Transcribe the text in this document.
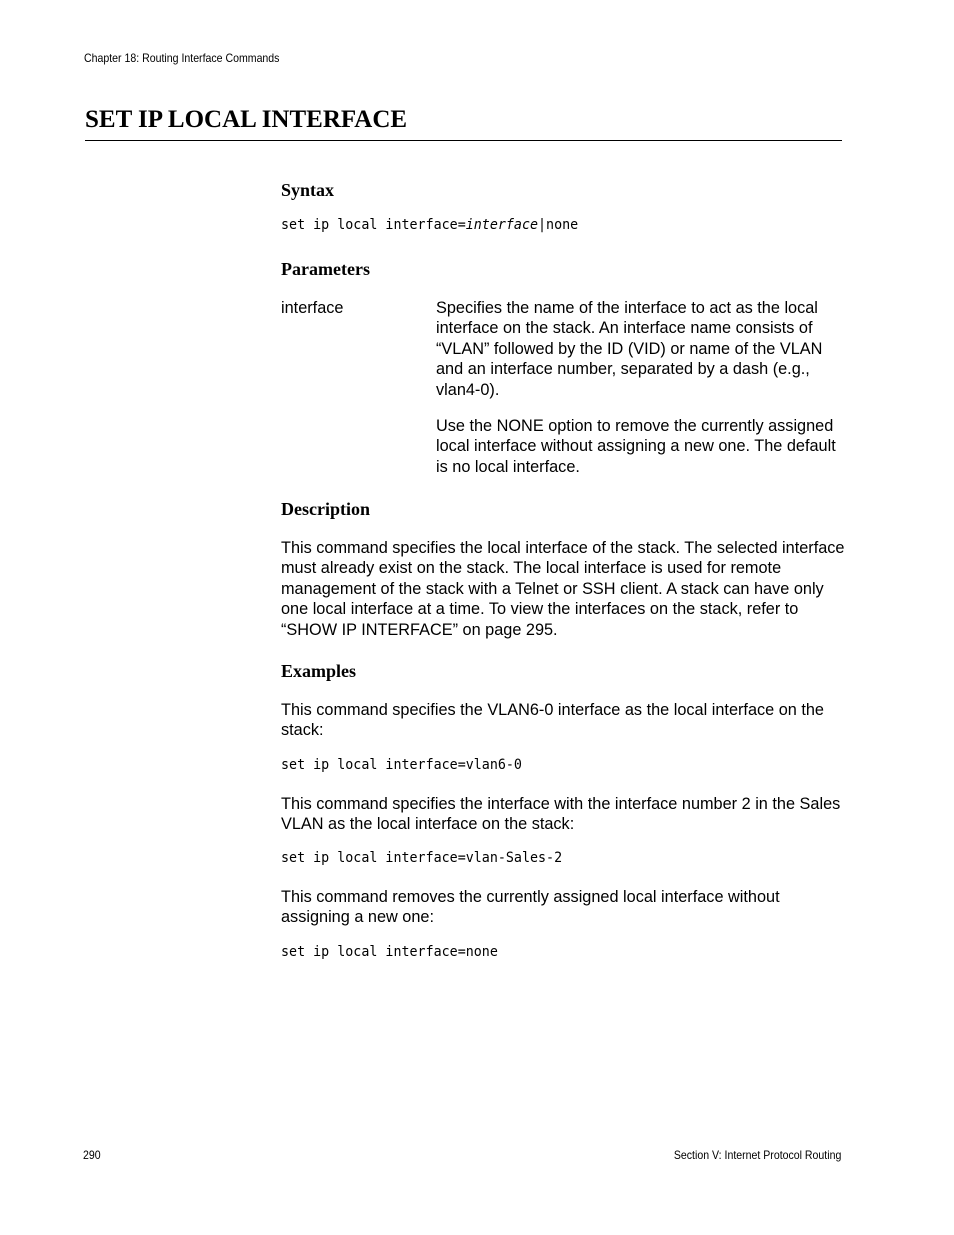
Chapter 18: Routing Interface Commands
SET IP LOCAL INTERFACE
Syntax
set ip local interface=interface|none
Parameters
interface	Specifies the name of the interface to act as the local interface on the stack. An interface name consists of “VLAN” followed by the ID (VID) or name of the VLAN and an interface number, separated by a dash (e.g., vlan4-0).
Use the NONE option to remove the currently assigned local interface without assigning a new one. The default is no local interface.
Description
This command specifies the local interface of the stack. The selected interface must already exist on the stack. The local interface is used for remote management of the stack with a Telnet or SSH client. A stack can have only one local interface at a time. To view the interfaces on the stack, refer to “SHOW IP INTERFACE” on page 295.
Examples
This command specifies the VLAN6-0 interface as the local interface on the stack:
set ip local interface=vlan6-0
This command specifies the interface with the interface number 2 in the Sales VLAN as the local interface on the stack:
set ip local interface=vlan-Sales-2
This command removes the currently assigned local interface without assigning a new one:
set ip local interface=none
290	Section V: Internet Protocol Routing
